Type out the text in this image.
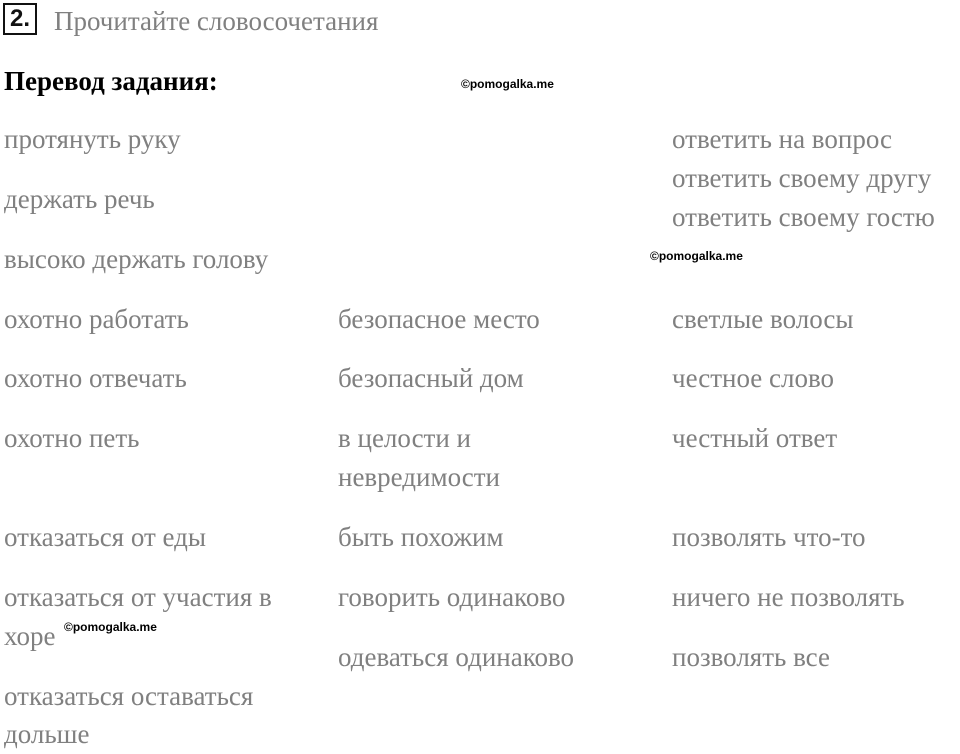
2. Прочитайте словосочетания
Перевод задания:	©pomogalka.me
©pomogalka.me
©pomogalka.me
протянуть руку
держать речь
высоко держать голову
охотно работать
охотно отвечать
охотно петь
отказаться от еды
отказаться от участия в
хоре
отказаться оставаться
дольше
безопасное место
безопасный дом
в целости и
невредимости
быть похожим
говорить одинаково
одеваться одинаково
ответить на вопрос
ответить своему другу
ответить своему гостю
светлые волосы
честное слово
честный ответ
позволять что-то
ничего не позволять
позволять все
